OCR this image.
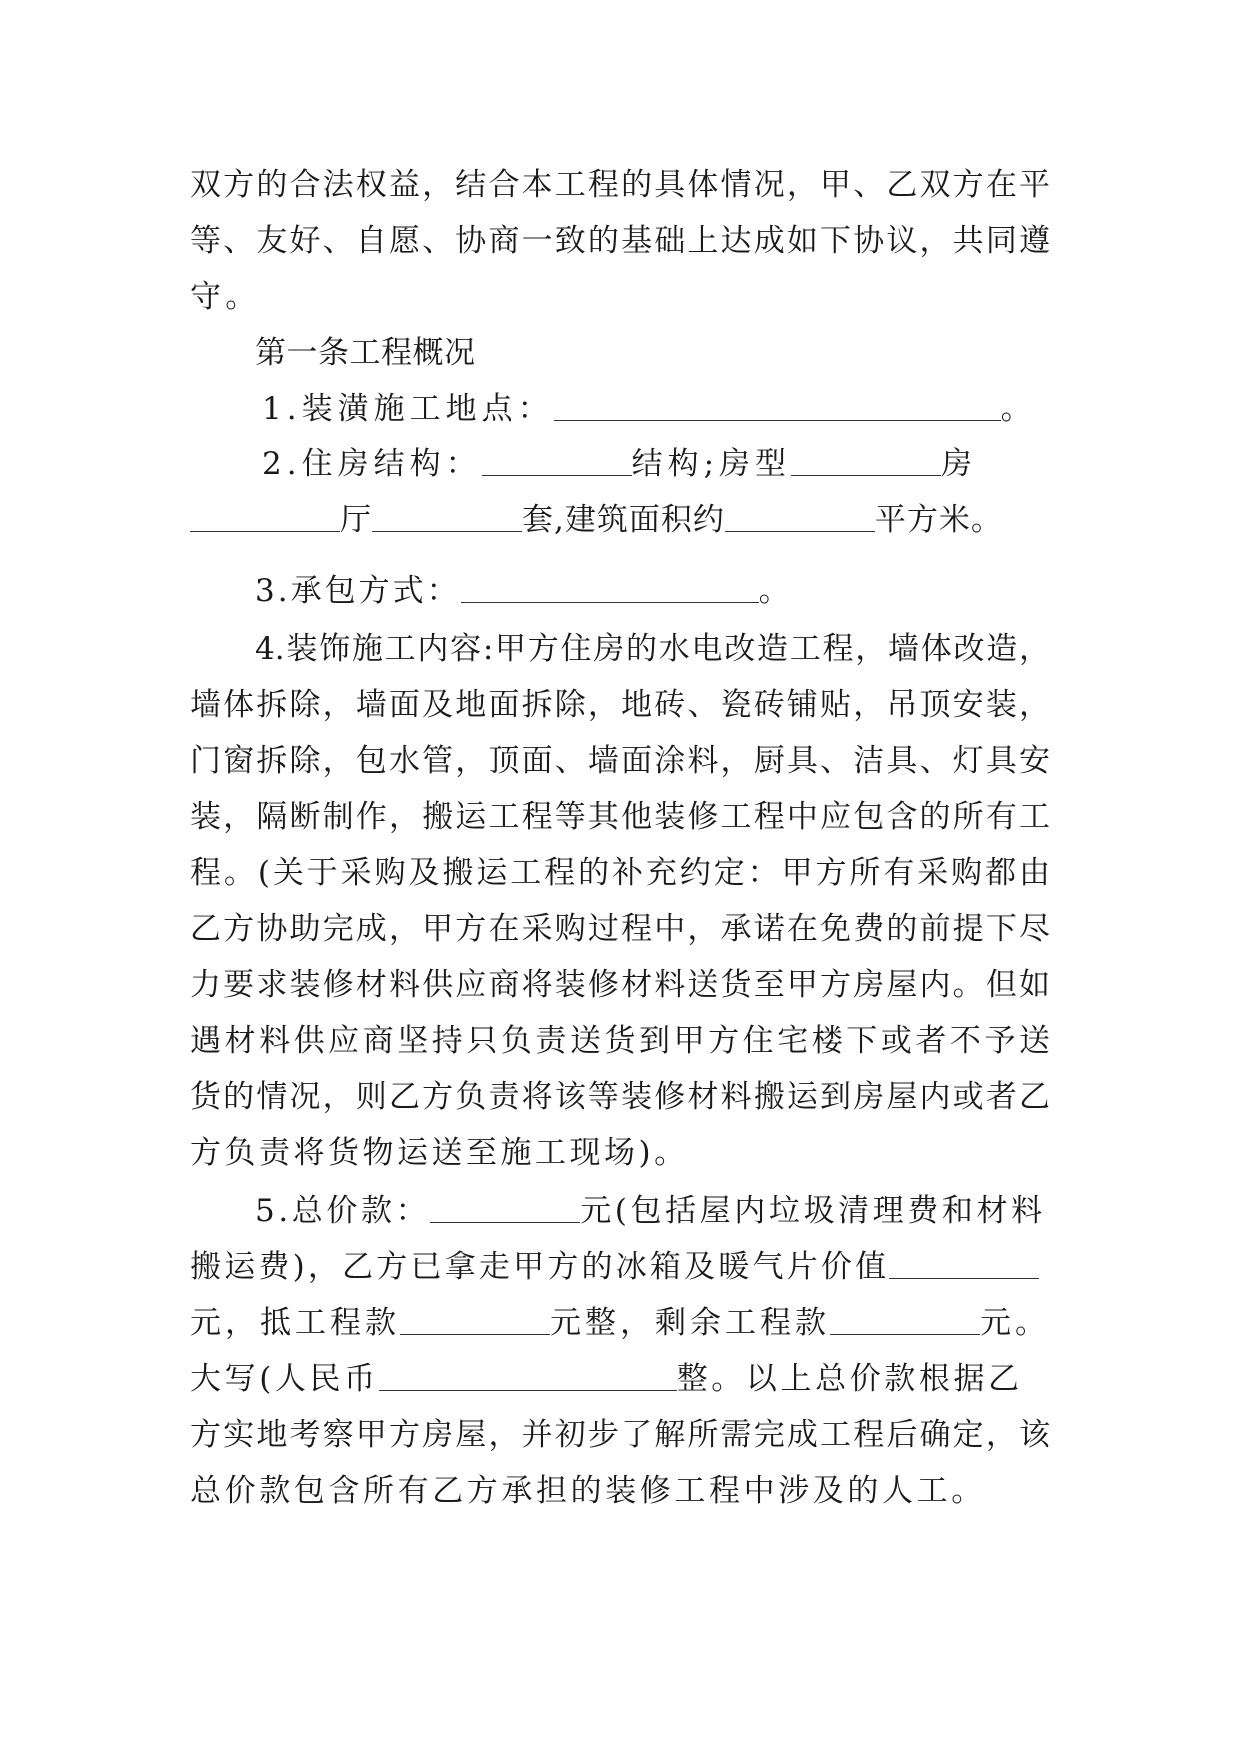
双方的合法权益，结合本工程的具体情况，甲、乙双方在平
等、友好、自愿、协商一致的基础上达成如下协议，共同遵
守。
第一条工程概况
1.装潢施工地点：	。
2.住房结构：	结构;房型	房
厅	套,建筑面积约	平方米。
3.承包方式：	。
4.装饰施工内容:甲方住房的水电改造工程，墙体改造，
墙体拆除，墙面及地面拆除，地砖、瓷砖铺贴，吊顶安装，
门窗拆除，包水管，顶面、墙面涂料，厨具、洁具、灯具安
装，隔断制作，搬运工程等其他装修工程中应包含的所有工
程。(关于采购及搬运工程的补充约定：甲方所有采购都由
乙方协助完成，甲方在采购过程中，承诺在免费的前提下尽
力要求装修材料供应商将装修材料送货至甲方房屋内。但如
遇材料供应商坚持只负责送货到甲方住宅楼下或者不予送
货的情况，则乙方负责将该等装修材料搬运到房屋内或者乙
方负责将货物运送至施工现场)。
5.总价款：	元(包括屋内垃圾清理费和材料
搬运费)，乙方已拿走甲方的冰箱及暖气片价值
元，抵工程款	元整，剩余工程款	元。
大写(人民币	整。以上总价款根据乙
方实地考察甲方房屋，并初步了解所需完成工程后确定，该
总价款包含所有乙方承担的装修工程中涉及的人工。
